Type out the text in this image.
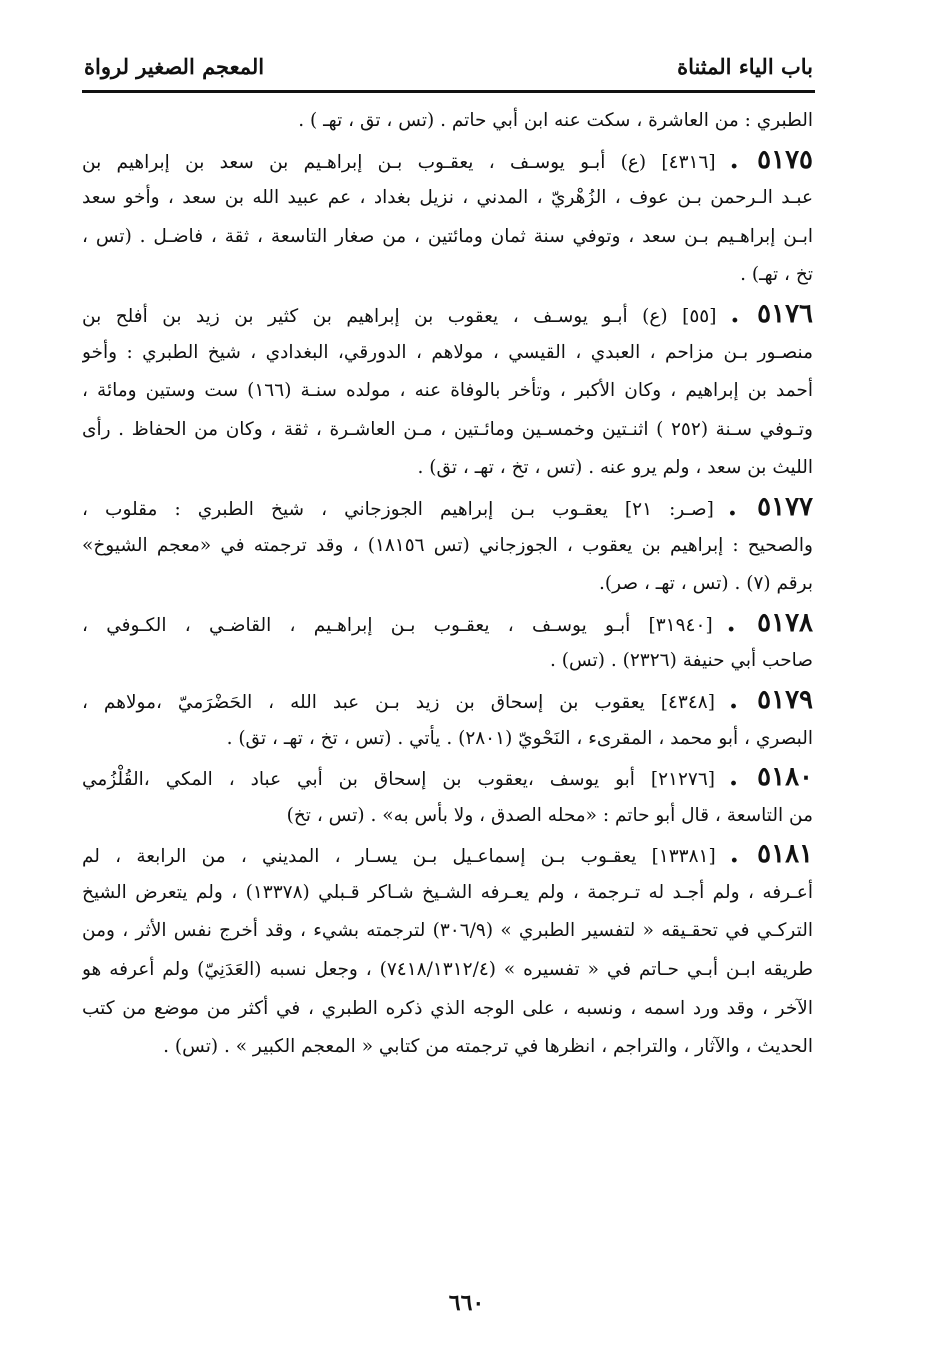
باب الياء المثناة
المعجم الصغير لرواة
الطبري : من العاشرة ، سكت عنه ابن أبي حاتم . (تس ، تق ، تهـ ) .
٥١٧٥ .[٤٣١٦] (ع) أبـو يوسـف ، يعقـوب بـن إبراهـيم بن سعد بن إبراهيم بن
عبـد الـرحمن بـن عوف ، الزُهْريّ ، المدني ، نزيل بغداد ، عم عبيد الله بن سعد ، وأخو سعد
ابـن إبراهـيم بـن سعد ، وتوفي سنة ثمان ومائتين ، من صغار التاسعة ، ثقة ، فاضـل . (تس ،
تخ ، تهـ) .
٥١٧٦ .[٥٥] (ع) أبـو يوسـف ، يعقوب بن إبراهيم بن كثير بن زيد بن أفلح بن
منصـور بـن مزاحم ، العبدي ، القيسي ، مولاهم ، الدورقي، البغدادي ، شيخ الطبري : وأخو
أحمد بن إبراهيم ، وكان الأكبر ، وتأخر بالوفاة عنه ، مولده سنـة (١٦٦) ست وستين ومائة ،
وتـوفي سـنة (٢٥٢ ) اثنـتين وخمسـين ومائـتين ، مـن العاشـرة ، ثقة ، وكان من الحفاظ . رأى
الليث بن سعد ، ولم يرو عنه . (تس ، تخ ، تهـ ، تق) .
٥١٧٧ .[صـر: ٢١] يعقـوب بـن إبراهيم الجوزجاني ، شيخ الطبري : مقلوب ،
والصحيح : إبراهيم بن يعقوب ، الجوزجاني (تس ١٨١٥٦) ، وقد ترجمته في «معجم الشيوخ»
برقم (٧) . (تس ، تهـ ، صر).
٥١٧٨ .[٣١٩٤٠] أبـو يوسـف ، يعقـوب بـن إبراهـيم ، القاضـي ، الكـوفي ،
صاحب أبي حنيفة (٢٣٢٦) . (تس) .
٥١٧٩ .[٤٣٤٨] يعقوب بن إسحاق بن زيد بـن عبد الله ، الحَضْرَميّ ،مولاهم ،
البصري ، أبو محمد ، المقرىء ، النَحْويّ (٢٨٠١) . يأتي . (تس ، تخ ، تهـ ، تق) .
٥١٨٠ .[٢١٢٧٦] أبو يوسف ،يعقوب بن إسحاق بن أبي عباد ، المكي ،القُلْزُمي
من التاسعة ، قال أبو حاتم : «محله الصدق ، ولا بأس به» . (تس ، تخ)
٥١٨١ .[١٣٣٨١] يعقـوب بـن إسماعـيل بـن يسـار ، المديني ، من الرابعة ، لم
أعـرفه ، ولم أجـد له تـرجمة ، ولم يعـرفه الشـيخ شـاكر قـبلي (١٣٣٧٨) ، ولم يتعرض الشيخ
التركـي في تحقـيقه « لتفسير الطبري » (٣٠٦/٩) لترجمته بشيء ، وقد أخرج نفس الأثر ، ومن
طريقه ابـن أبـي حـاتم في « تفسيره » (٧٤١٨/١٣١٢/٤) ، وجعل نسبه (العَدَنِيّ) ولم أعرفه هو
الآخر ، وقد ورد اسمه ، ونسبه ، على الوجه الذي ذكره الطبري ، في أكثر من موضع من كتب
الحديث ، والآثار ، والتراجم ، انظرها في ترجمته من كتابي « المعجم الكبير » . (تس) .
٦٦٠
